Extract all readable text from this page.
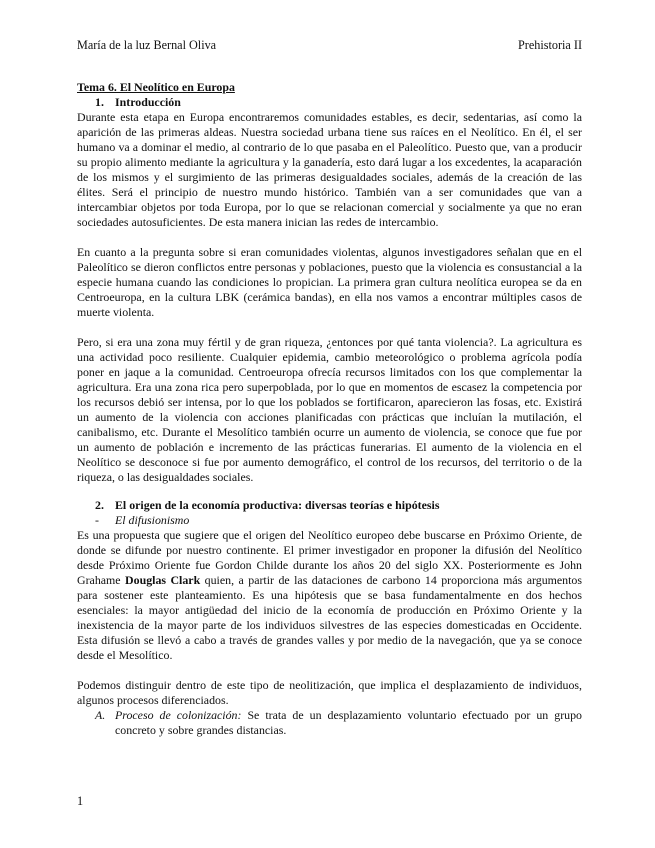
María de la luz Bernal Oliva	Prehistoria II
Tema 6. El Neolítico en Europa
1. Introducción

Durante esta etapa en Europa encontraremos comunidades estables, es decir, sedentarias, así como la aparición de las primeras aldeas. Nuestra sociedad urbana tiene sus raíces en el Neolítico. En él, el ser humano va a dominar el medio, al contrario de lo que pasaba en el Paleolítico. Puesto que, van a producir su propio alimento mediante la agricultura y la ganadería, esto dará lugar a los excedentes, la acaparación de los mismos y el surgimiento de las primeras desigualdades sociales, además de la creación de las élites. Será el principio de nuestro mundo histórico. También van a ser comunidades que van a intercambiar objetos por toda Europa, por lo que se relacionan comercial y socialmente ya que no eran sociedades autosuficientes. De esta manera inician las redes de intercambio.

En cuanto a la pregunta sobre si eran comunidades violentas, algunos investigadores señalan que en el Paleolítico se dieron conflictos entre personas y poblaciones, puesto que la violencia es consustancial a la especie humana cuando las condiciones lo propician. La primera gran cultura neolítica europea se da en Centroeuropa, en la cultura LBK (cerámica bandas), en ella nos vamos a encontrar múltiples casos de muerte violenta.

Pero, si era una zona muy fértil y de gran riqueza, ¿entonces por qué tanta violencia?. La agricultura es una actividad poco resiliente. Cualquier epidemia, cambio meteorológico o problema agrícola podía poner en jaque a la comunidad. Centroeuropa ofrecía recursos limitados con los que complementar la agricultura. Era una zona rica pero superpoblada, por lo que en momentos de escasez la competencia por los recursos debió ser intensa, por lo que los poblados se fortificaron, aparecieron las fosas, etc. Existirá un aumento de la violencia con acciones planificadas con prácticas que incluían la mutilación, el canibalismo, etc. Durante el Mesolítico también ocurre un aumento de violencia, se conoce que fue por un aumento de población e incremento de las prácticas funerarias. El aumento de la violencia en el Neolítico se desconoce si fue por aumento demográfico, el control de los recursos, del territorio o de la riqueza, o las desigualdades sociales.

2. El origen de la economía productiva: diversas teorías e hipótesis
-	El difusionismo

Es una propuesta que sugiere que el origen del Neolítico europeo debe buscarse en Próximo Oriente, de donde se difunde por nuestro continente. El primer investigador en proponer la difusión del Neolítico desde Próximo Oriente fue Gordon Childe durante los años 20 del siglo XX. Posteriormente es John Grahame Douglas Clark quien, a partir de las dataciones de carbono 14 proporciona más argumentos para sostener este planteamiento. Es una hipótesis que se basa fundamentalmente en dos hechos esenciales: la mayor antigüedad del inicio de la economía de producción en Próximo Oriente y la inexistencia de la mayor parte de los individuos silvestres de las especies domesticadas en Occidente. Esta difusión se llevó a cabo a través de grandes valles y por medio de la navegación, que ya se conoce desde el Mesolítico.

Podemos distinguir dentro de este tipo de neolitización, que implica el desplazamiento de individuos, algunos procesos diferenciados.

A. Proceso de colonización: Se trata de un desplazamiento voluntario efectuado por un grupo concreto y sobre grandes distancias.
1
